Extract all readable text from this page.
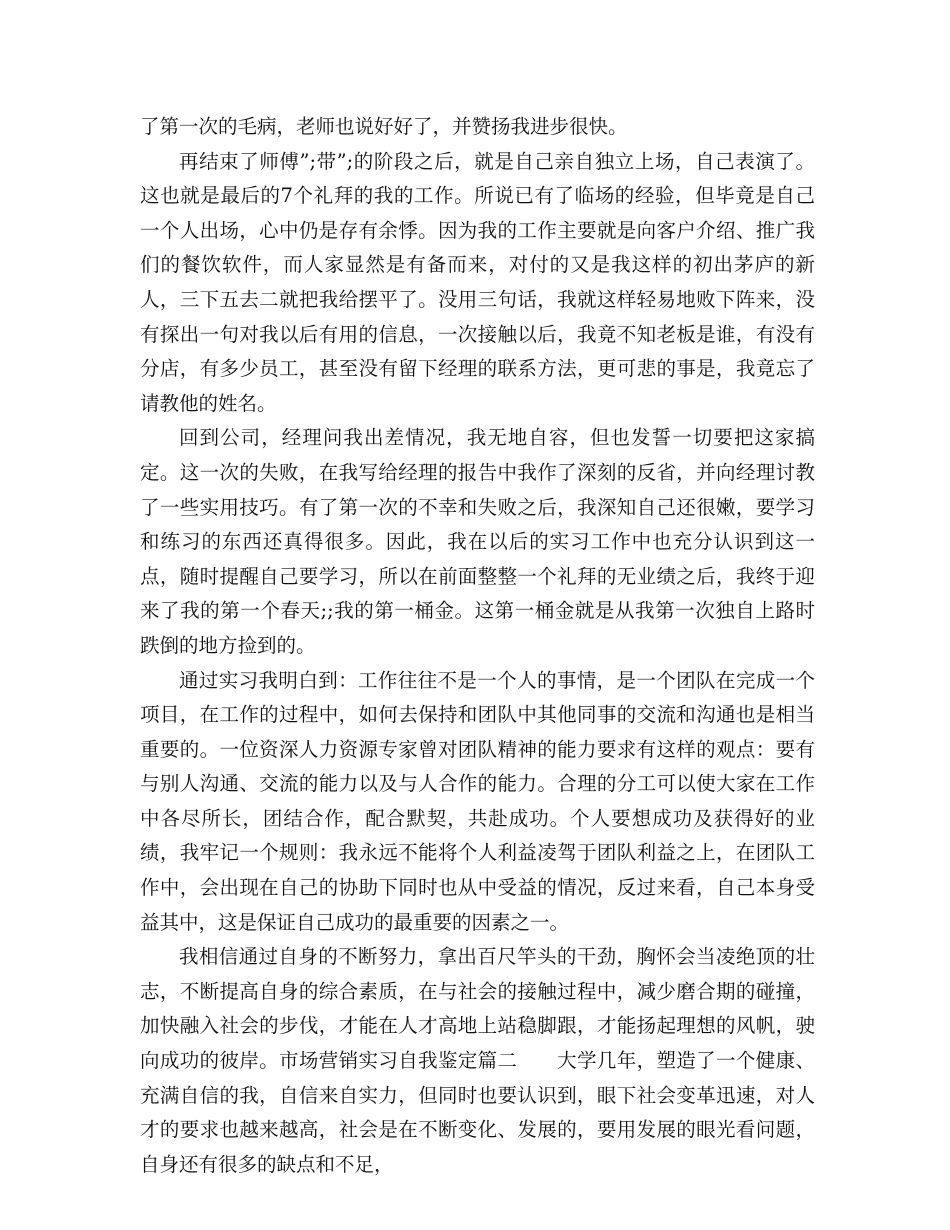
了第一次的毛病，老师也说好好了，并赞扬我进步很快。

再结束了师傅”;带”;的阶段之后，就是自己亲自独立上场，自己表演了。这也就是最后的7个礼拜的我的工作。所说已有了临场的经验，但毕竟是自己一个人出场，心中仍是存有余悸。因为我的工作主要就是向客户介绍、推广我们的餐饮软件，而人家显然是有备而来，对付的又是我这样的初出茅庐的新人，三下五去二就把我给摆平了。没用三句话，我就这样轻易地败下阵来，没有探出一句对我以后有用的信息，一次接触以后，我竟不知老板是谁，有没有分店，有多少员工，甚至没有留下经理的联系方法，更可悲的事是，我竟忘了请教他的姓名。

回到公司，经理问我出差情况，我无地自容，但也发誓一切要把这家搞定。这一次的失败，在我写给经理的报告中我作了深刻的反省，并向经理讨教了一些实用技巧。有了第一次的不幸和失败之后，我深知自己还很嫩，要学习和练习的东西还真得很多。因此，我在以后的实习工作中也充分认识到这一点，随时提醒自己要学习，所以在前面整整一个礼拜的无业绩之后，我终于迎来了我的第一个春天;;我的第一桶金。这第一桶金就是从我第一次独自上路时跌倒的地方捡到的。

通过实习我明白到：工作往往不是一个人的事情，是一个团队在完成一个项目，在工作的过程中，如何去保持和团队中其他同事的交流和沟通也是相当重要的。一位资深人力资源专家曾对团队精神的能力要求有这样的观点：要有与别人沟通、交流的能力以及与人合作的能力。合理的分工可以使大家在工作中各尽所长，团结合作，配合默契，共赴成功。个人要想成功及获得好的业绩，我牢记一个规则：我永远不能将个人利益凌驾于团队利益之上，在团队工作中，会出现在自己的协助下同时也从中受益的情况，反过来看，自己本身受益其中，这是保证自己成功的最重要的因素之一。

我相信通过自身的不断努力，拿出百尺竿头的干劲，胸怀会当凌绝顶的壮志，不断提高自身的综合素质，在与社会的接触过程中，减少磨合期的碰撞，加快融入社会的步伐，才能在人才高地上站稳脚跟，才能扬起理想的风帆，驶向成功的彼岸。市场营销实习自我鉴定篇二　　大学几年，塑造了一个健康、充满自信的我，自信来自实力，但同时也要认识到，眼下社会变革迅速，对人才的要求也越来越高，社会是在不断变化、发展的，要用发展的眼光看问题，自身还有很多的缺点和不足，
